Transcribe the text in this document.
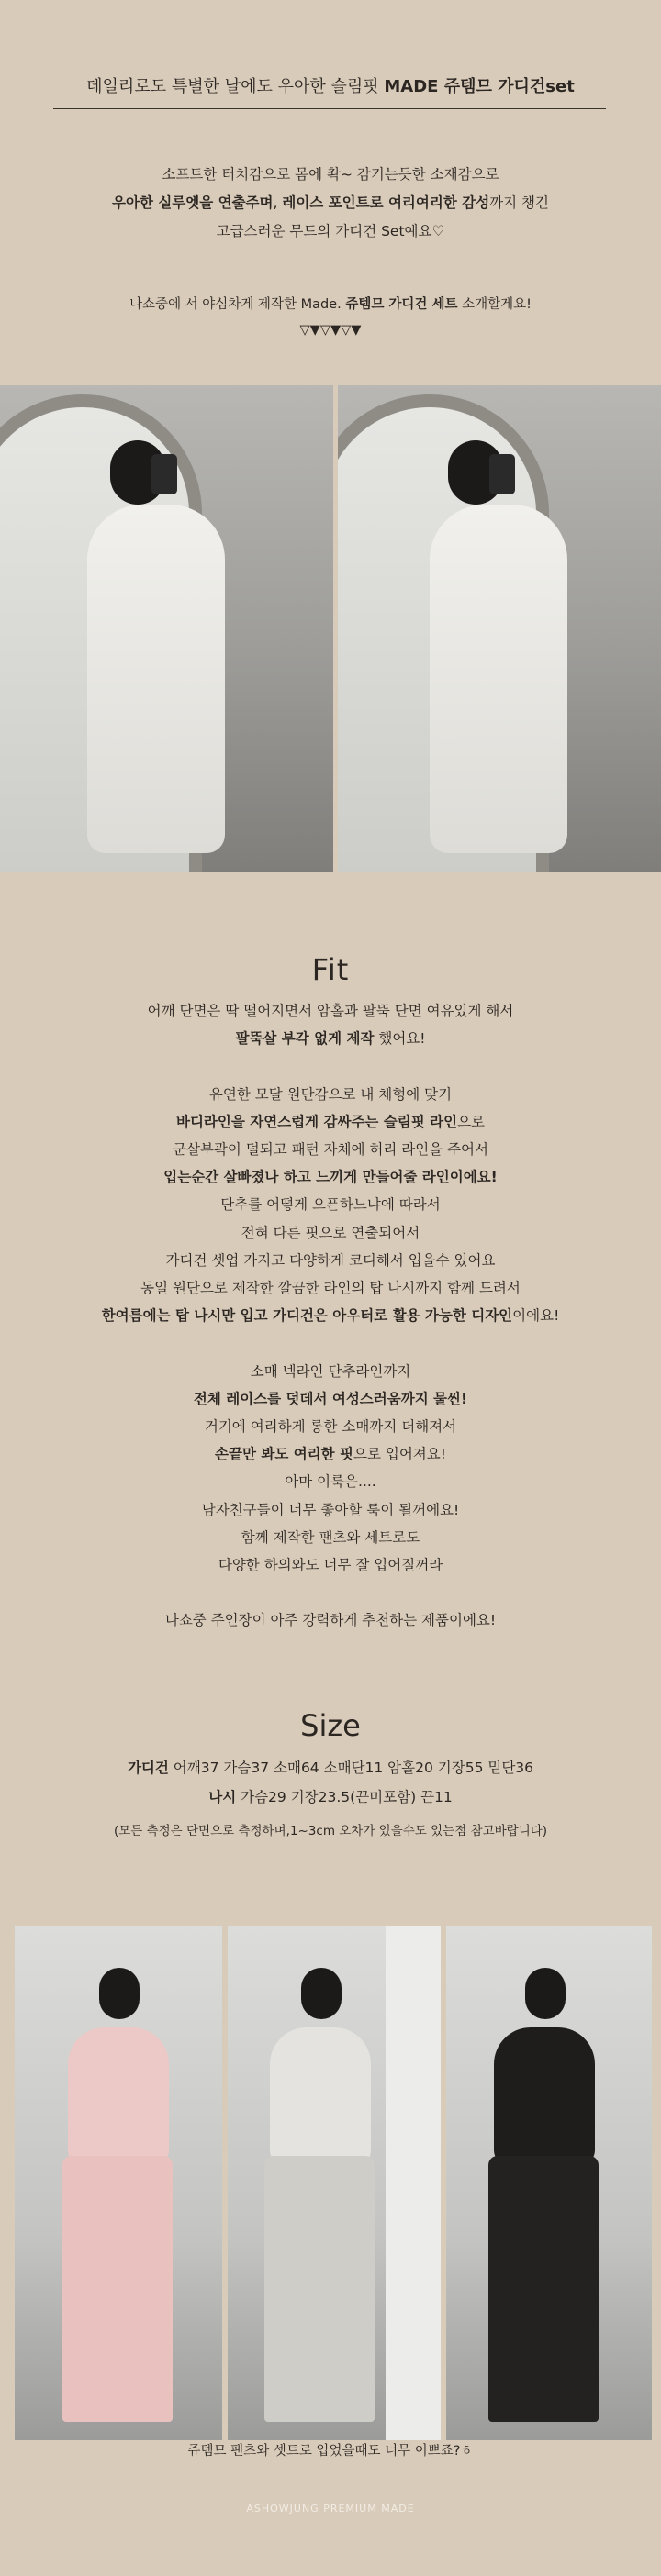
데일리로도 특별한 날에도 우아한 슬림핏 MADE 쥬템므 가디건set
소프트한 터치감으로 몸에 촥~ 감기는듯한 소재감으로
우아한 실루엣을 연출주며, 레이스 포인트로 여리여리한 감성까지 챙긴
고급스러운 무드의 가디건 Set예요♡
나쇼중에 서 야심차게 제작한 Made. 쥬템므 가디건 세트 소개할게요!
▽▼▽▼▽▼
Fit
어깨 단면은 딱 떨어지면서 암홀과 팔뚝 단면 여유있게 해서
팔뚝살 부각 없게 제작 했어요!
유연한 모달 원단감으로 내 체형에 맞기
바디라인을 자연스럽게 감싸주는 슬림핏 라인으로
군살부곽이 덜되고 패턴 자체에 허리 라인을 주어서
입는순간 살빠졌나 하고 느끼게 만들어줄 라인이에요!
단추를 어떻게 오픈하느냐에 따라서
전혀 다른 핏으로 연출되어서
가디건 셋업 가지고 다양하게 코디해서 입을수 있어요
동일 원단으로 제작한 깔끔한 라인의 탑 나시까지 함께 드려서
한여름에는 탑 나시만 입고 가디건은 아우터로 활용 가능한 디자인이에요!
소매 넥라인 단추라인까지
전체 레이스를 덧데서 여성스러움까지 물씬!
거기에 여리하게 롱한 소매까지 더해져서
손끝만 봐도 여리한 핏으로 입어져요!
아마 이룩은....
남자친구들이 너무 좋아할 룩이 될꺼에요!
함께 제작한 팬츠와 세트로도
다양한 하의와도 너무 잘 입어질꺼라
나쇼중 주인장이 아주 강력하게 추천하는 제품이에요!
Size
가디건 어깨37 가슴37 소매64 소매단11 암홀20 기장55 밑단36
나시 가슴29 기장23.5(끈미포함) 끈11
(모든 측정은 단면으로 측정하며,1~3cm 오차가 있을수도 있는점 참고바랍니다)
쥬템므 팬츠와 셋트로 입었을때도 너무 이쁘죠?ㅎ
ASHOWJUNG PREMIUM MADE
